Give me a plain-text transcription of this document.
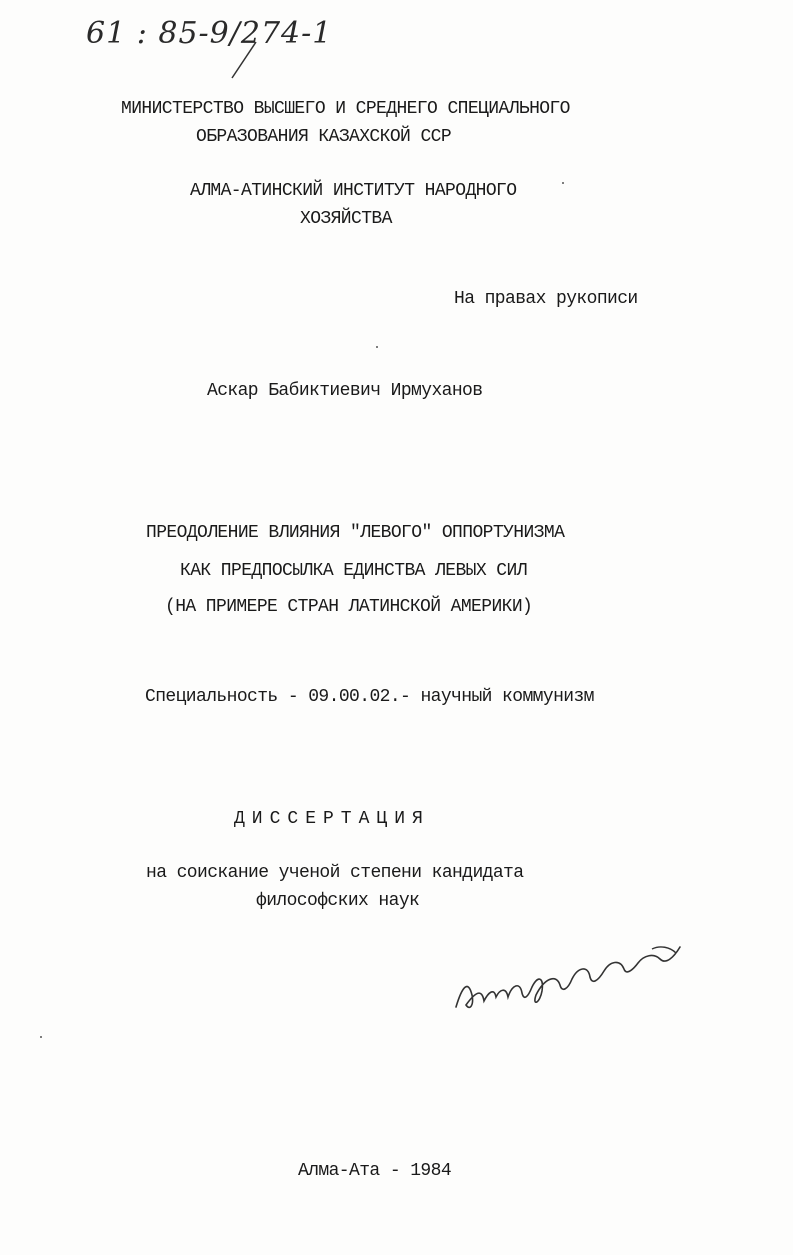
61 : 85-9/274-1
МИНИСТЕРСТВО ВЫСШЕГО И СРЕДНЕГО СПЕЦИАЛЬНОГО
ОБРАЗОВАНИЯ КАЗАХСКОЙ ССР
АЛМА-АТИНСКИЙ ИНСТИТУТ НАРОДНОГО
ХОЗЯЙСТВА
На правах рукописи
Аскар Бабиктиевич Ирмуханов
ПРЕОДОЛЕНИЕ ВЛИЯНИЯ "ЛЕВОГО" ОППОРТУНИЗМА
КАК ПРЕДПОСЫЛКА ЕДИНСТВА ЛЕВЫХ СИЛ
(НА ПРИМЕРЕ СТРАН ЛАТИНСКОЙ АМЕРИКИ)
Специальность - 09.00.02.- научный коммунизм
ДИССЕРТАЦИЯ
на соискание ученой степени кандидата
философских наук
Алма-Ата - 1984
